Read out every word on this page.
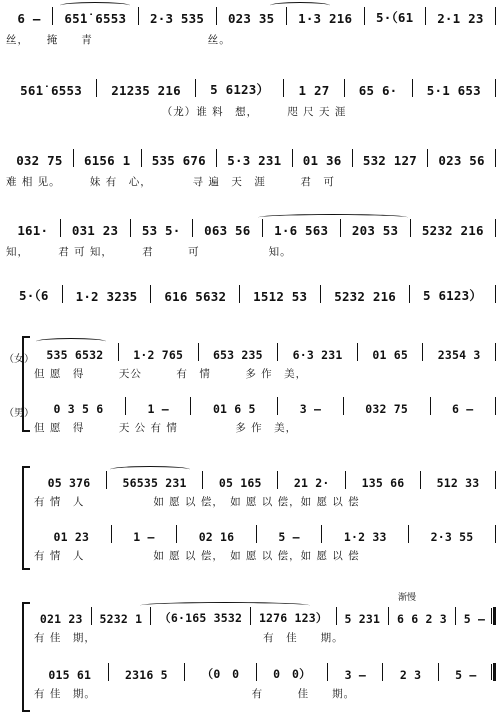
6 – 65̇1̇ 6553 2·3 535 023 35 1·3 216 5·（61 2·1 23
丝，　　掩　　青　　　　　　　　　　丝。
56̇1̇ 6553 21235 216 5 6123） 1 27 65 6· 5·1 653
　　　　　　　　　　　　　　（龙）谁 料　想，　　　咫 尺 天 涯
032 75 6156 1 535 676 5·3 231 01 36 532 127 023 56
难 相 见。　　　妹 有　心，　　　　寻 遍　天　涯　　　君　可
161· 031 23 53 5· 063 56 1·6 563 203 53 5232 216
知，　　　君 可 知，　　　君　　　可　　　　　　知。
5·（6 1·2 3235 616 5632 1512 53 5232 216 5 6123）
（女）
（男）
535 6532	1·2 765	653 235	6·3 231	01 65	2354 3
但 愿　得　　　天公　　　有　情　　　多 作　美，
0 3 5 6	1 –	01 6 5	3 –	032 75	6 –
但 愿　得　　　天 公 有 情　　　　　多 作　美，
05 376	56535 231	05 165	21 2·	135 66	512 33
有 情　人　　　　　　如 愿 以 偿，　如 愿 以 偿，如 愿 以 偿
01 23	1 –	02 16	5 –	1·2 33	2·3 55
有 情　人　　　　　　如 愿 以 偿，　如 愿 以 偿，如 愿 以 偿
渐慢
021 23 5232 1 （6·165 3532 1276 123） 5 231 6 6 2 3 5 –
有 佳　期，　　　　　　　　　　　　　　　有　佳　　期。
015 61	2316 5	（0　0	0　0）	3 –	2 3	5 –
有 佳　期。　　　　　　　　　　　　　　有　　　佳　　期。
